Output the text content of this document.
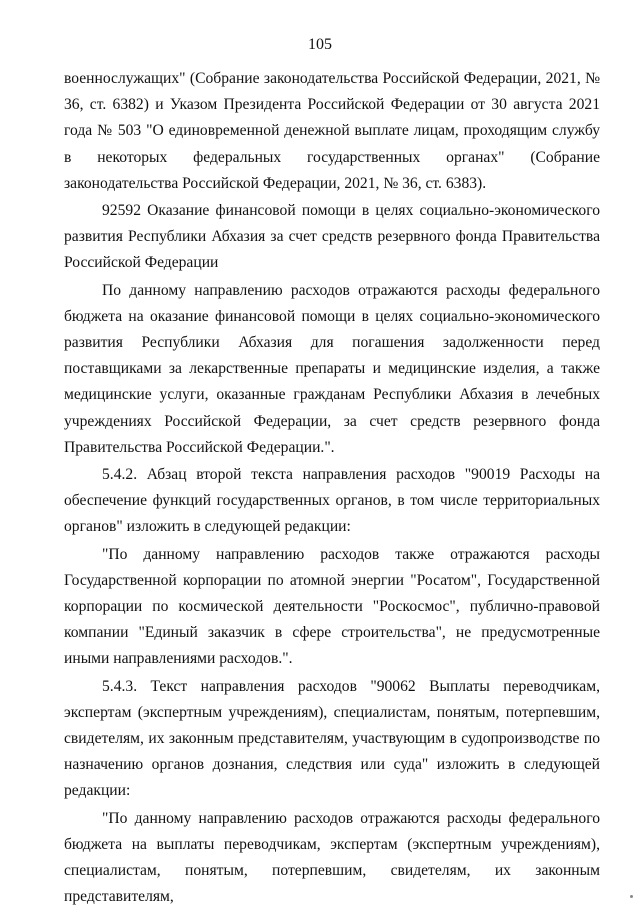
105

военнослужащих" (Собрание законодательства Российской Федерации, 2021, № 36, ст. 6382) и Указом Президента Российской Федерации от 30 августа 2021 года № 503 "О единовременной денежной выплате лицам, проходящим службу в некоторых федеральных государственных органах" (Собрание законодательства Российской Федерации, 2021, № 36, ст. 6383).

92592 Оказание финансовой помощи в целях социально-экономического развития Республики Абхазия за счет средств резервного фонда Правительства Российской Федерации

По данному направлению расходов отражаются расходы федерального бюджета на оказание финансовой помощи в целях социально-экономического развития Республики Абхазия для погашения задолженности перед поставщиками за лекарственные препараты и медицинские изделия, а также медицинские услуги, оказанные гражданам Республики Абхазия в лечебных учреждениях Российской Федерации, за счет средств резервного фонда Правительства Российской Федерации.".

5.4.2. Абзац второй текста направления расходов "90019 Расходы на обеспечение функций государственных органов, в том числе территориальных органов" изложить в следующей редакции:

"По данному направлению расходов также отражаются расходы Государственной корпорации по атомной энергии "Росатом", Государственной корпорации по космической деятельности "Роскосмос", публично-правовой компании "Единый заказчик в сфере строительства", не предусмотренные иными направлениями расходов.".

5.4.3. Текст направления расходов "90062 Выплаты переводчикам, экспертам (экспертным учреждениям), специалистам, понятым, потерпевшим, свидетелям, их законным представителям, участвующим в судопроизводстве по назначению органов дознания, следствия или суда" изложить в следующей редакции:

"По данному направлению расходов отражаются расходы федерального бюджета на выплаты переводчикам, экспертам (экспертным учреждениям), специалистам, понятым, потерпевшим, свидетелям, их законным представителям,
